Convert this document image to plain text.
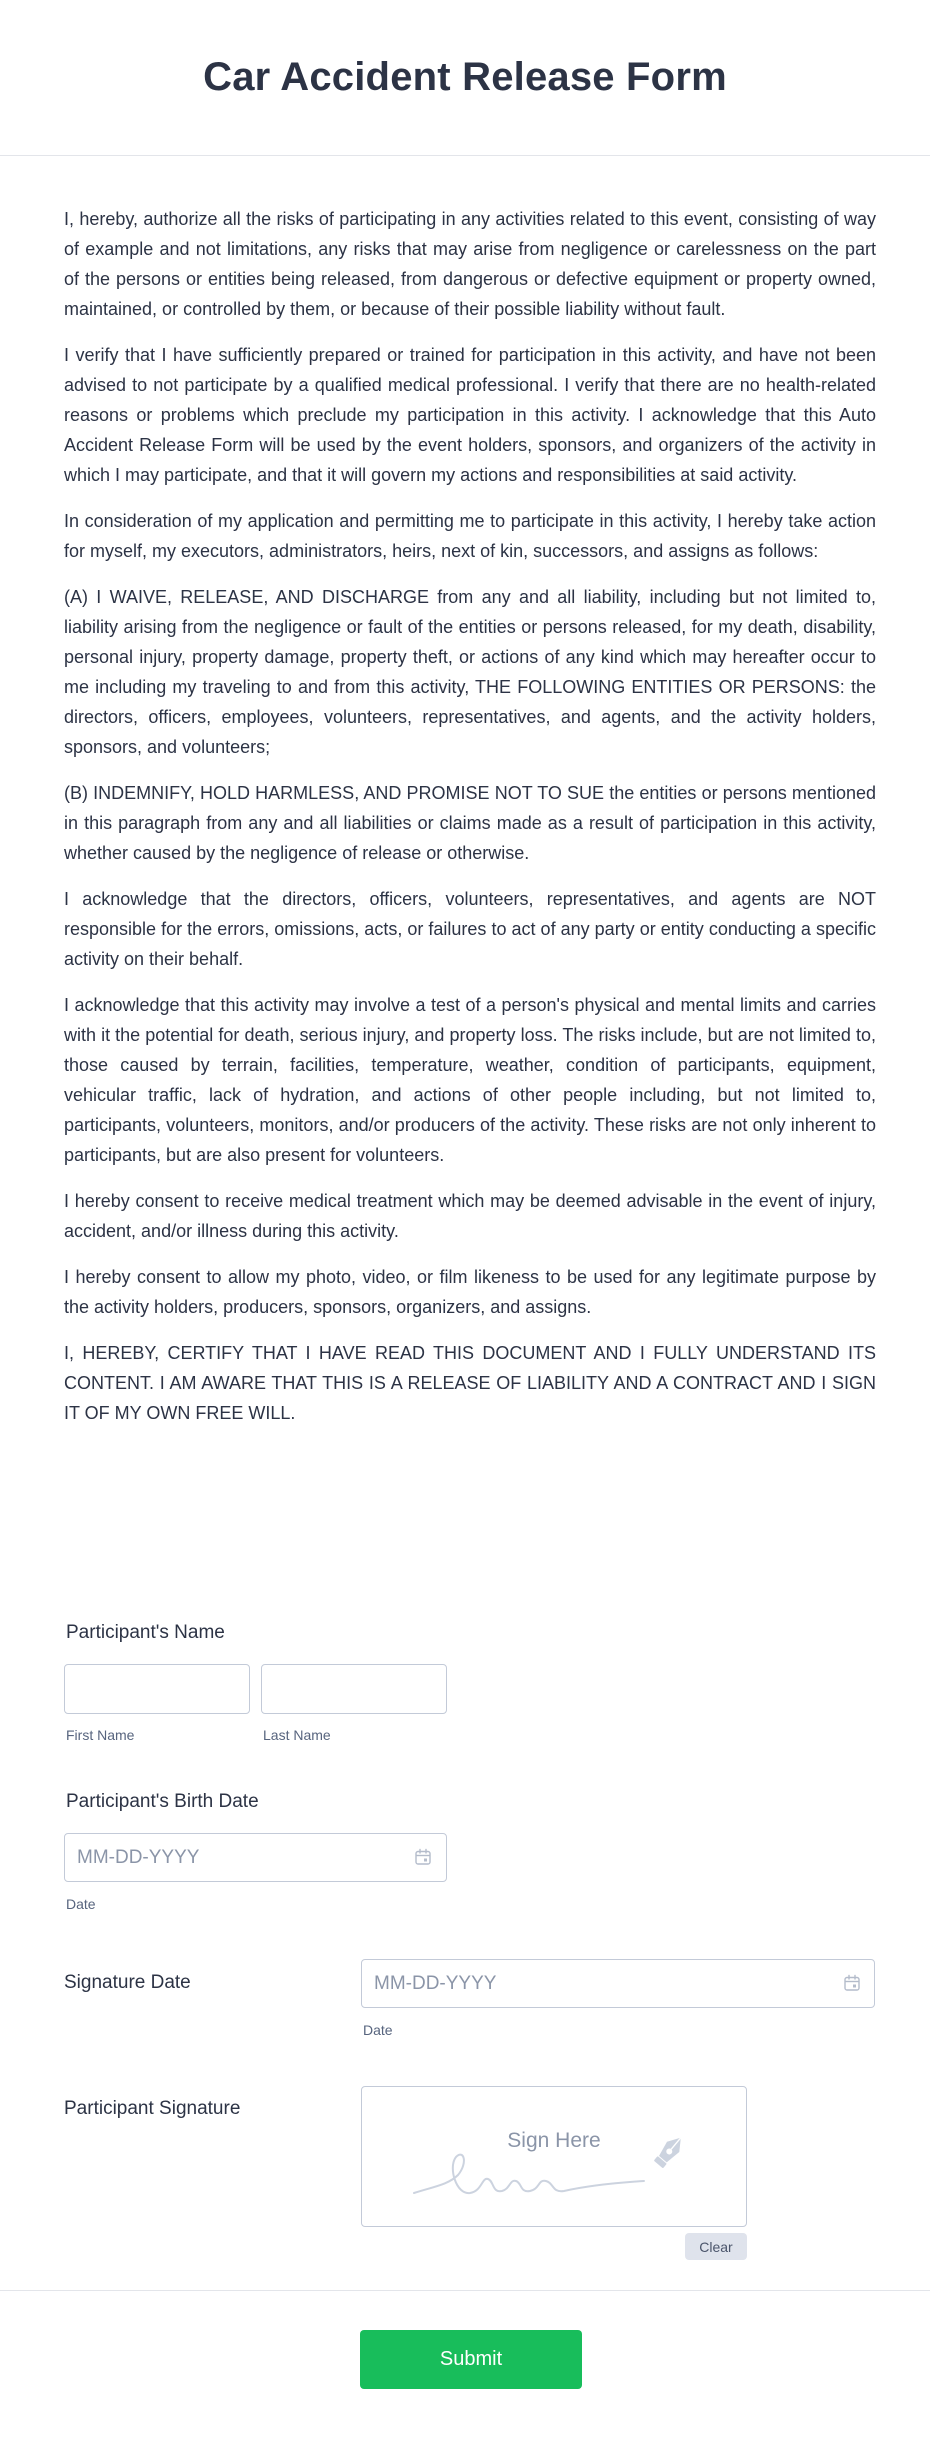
Car Accident Release Form

I, hereby, authorize all the risks of participating in any activities related to this event, consisting of way of example and not limitations, any risks that may arise from negligence or carelessness on the part of the persons or entities being released, from dangerous or defective equipment or property owned, maintained, or controlled by them, or because of their possible liability without fault.

I verify that I have sufficiently prepared or trained for participation in this activity, and have not been advised to not participate by a qualified medical professional. I verify that there are no health-related reasons or problems which preclude my participation in this activity. I acknowledge that this Auto Accident Release Form will be used by the event holders, sponsors, and organizers of the activity in which I may participate, and that it will govern my actions and responsibilities at said activity.

In consideration of my application and permitting me to participate in this activity, I hereby take action for myself, my executors, administrators, heirs, next of kin, successors, and assigns as follows:

(A) I WAIVE, RELEASE, AND DISCHARGE from any and all liability, including but not limited to, liability arising from the negligence or fault of the entities or persons released, for my death, disability, personal injury, property damage, property theft, or actions of any kind which may hereafter occur to me including my traveling to and from this activity, THE FOLLOWING ENTITIES OR PERSONS: the directors, officers, employees, volunteers, representatives, and agents, and the activity holders, sponsors, and volunteers;

(B) INDEMNIFY, HOLD HARMLESS, AND PROMISE NOT TO SUE the entities or persons mentioned in this paragraph from any and all liabilities or claims made as a result of participation in this activity, whether caused by the negligence of release or otherwise.

I acknowledge that the directors, officers, volunteers, representatives, and agents are NOT responsible for the errors, omissions, acts, or failures to act of any party or entity conducting a specific activity on their behalf.

I acknowledge that this activity may involve a test of a person's physical and mental limits and carries with it the potential for death, serious injury, and property loss. The risks include, but are not limited to, those caused by terrain, facilities, temperature, weather, condition of participants, equipment, vehicular traffic, lack of hydration, and actions of other people including, but not limited to, participants, volunteers, monitors, and/or producers of the activity. These risks are not only inherent to participants, but are also present for volunteers.

I hereby consent to receive medical treatment which may be deemed advisable in the event of injury, accident, and/or illness during this activity.

I hereby consent to allow my photo, video, or film likeness to be used for any legitimate purpose by the activity holders, producers, sponsors, organizers, and assigns.

I, HEREBY, CERTIFY THAT I HAVE READ THIS DOCUMENT AND I FULLY UNDERSTAND ITS CONTENT. I AM AWARE THAT THIS IS A RELEASE OF LIABILITY AND A CONTRACT AND I SIGN IT OF MY OWN FREE WILL.

Participant's Name
First Name	Last Name
Participant's Birth Date
MM-DD-YYYY
Date
Signature Date
MM-DD-YYYY
Date
Participant Signature
Sign Here
Clear
Submit
